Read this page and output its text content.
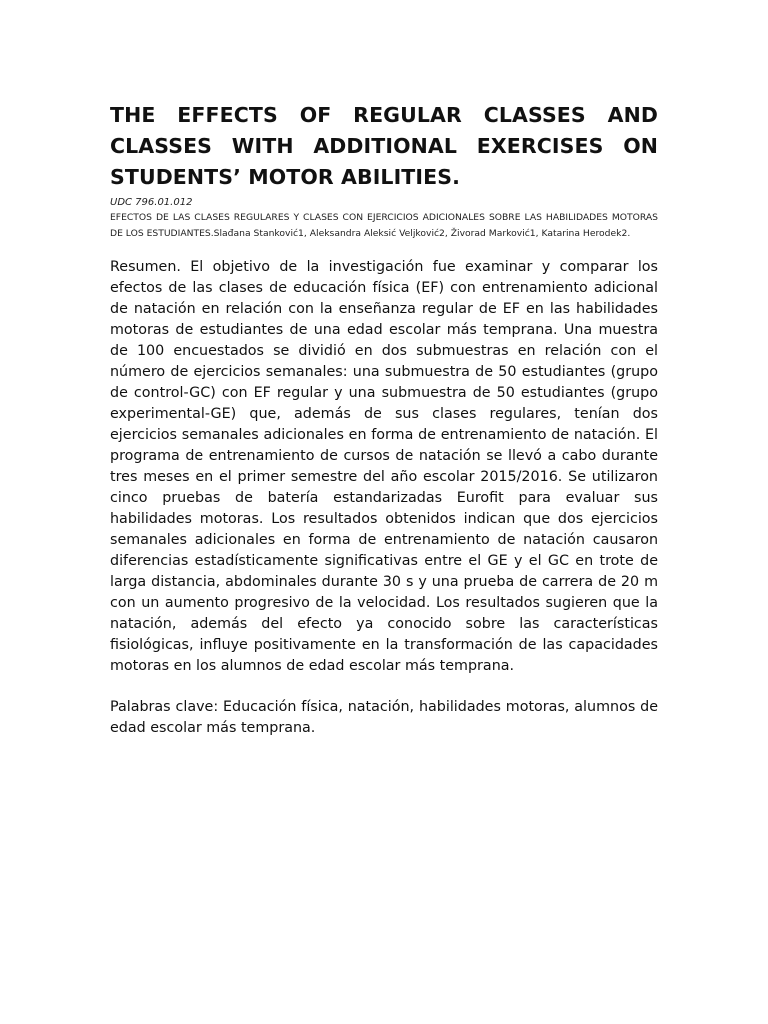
THE EFFECTS OF REGULAR CLASSES AND CLASSES WITH ADDITIONAL EXERCISES ON STUDENTS’ MOTOR ABILITIES.

UDC 796.01.012

EFECTOS DE LAS CLASES REGULARES Y CLASES CON EJERCICIOS ADICIONALES SOBRE LAS HABILIDADES MOTORAS DE LOS ESTUDIANTES.Slađana Stanković1, Aleksandra Aleksić Veljković2, Živorad Marković1, Katarina Herodek2.

Resumen. El objetivo de la investigación fue examinar y comparar los efectos de las clases de educación física (EF) con entrenamiento adicional de natación en relación con la enseñanza regular de EF en las habilidades motoras de estudiantes de una edad escolar más temprana. Una muestra de 100 encuestados se dividió en dos submuestras en relación con el número de ejercicios semanales: una submuestra de 50 estudiantes (grupo de control-GC) con EF regular y una submuestra de 50 estudiantes (grupo experimental-GE) que, además de sus clases regulares, tenían dos ejercicios semanales adicionales en forma de entrenamiento de natación. El programa de entrenamiento de cursos de natación se llevó a cabo durante tres meses en el primer semestre del año escolar 2015/2016. Se utilizaron cinco pruebas de batería estandarizadas Eurofit para evaluar sus habilidades motoras. Los resultados obtenidos indican que dos ejercicios semanales adicionales en forma de entrenamiento de natación causaron diferencias estadísticamente significativas entre el GE y el GC en trote de larga distancia, abdominales durante 30 s y una prueba de carrera de 20 m con un aumento progresivo de la velocidad. Los resultados sugieren que la natación, además del efecto ya conocido sobre las características fisiológicas, influye positivamente en la transformación de las capacidades motoras en los alumnos de edad escolar más temprana.

Palabras clave: Educación física, natación, habilidades motoras, alumnos de edad escolar más temprana.
